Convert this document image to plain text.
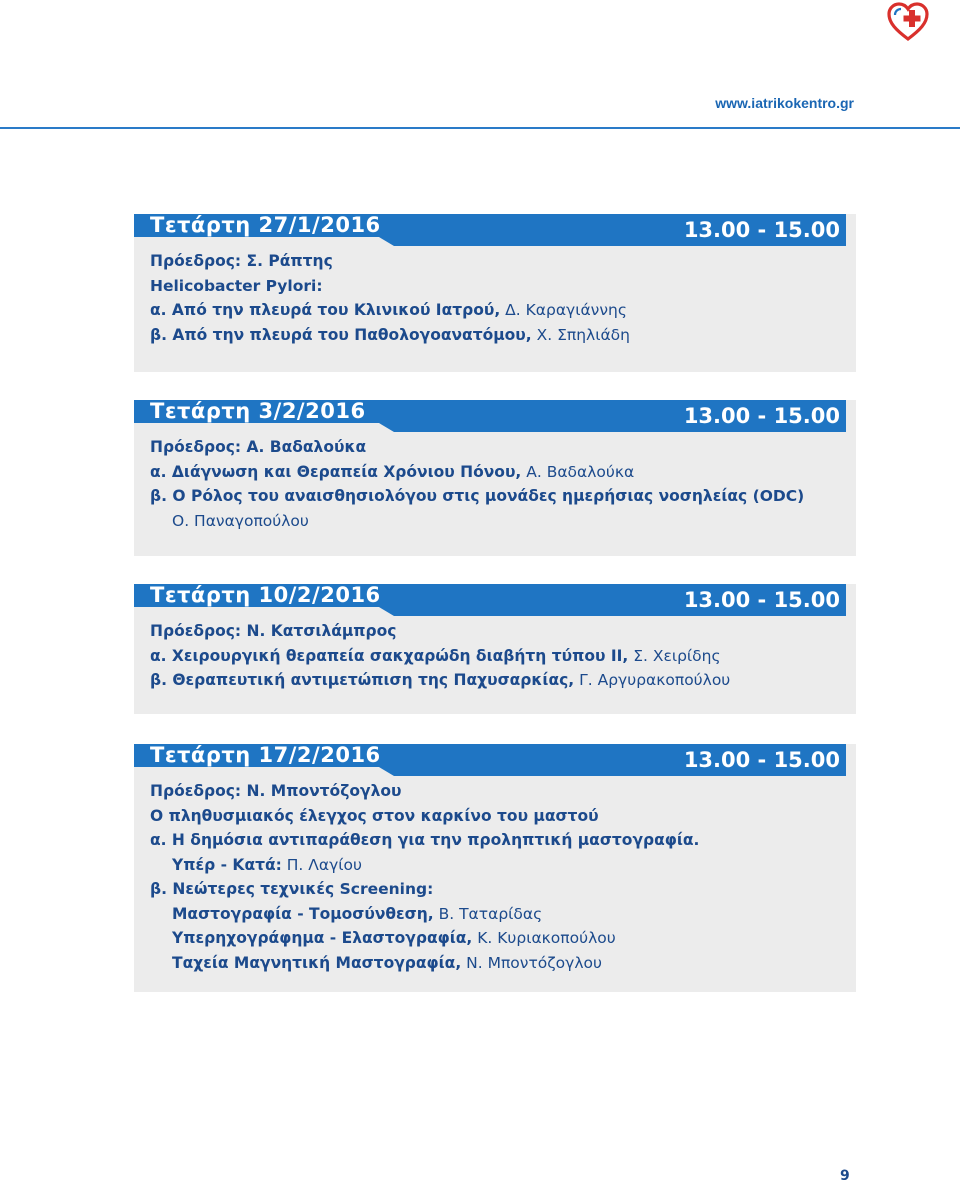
www.iatrikokentro.gr
Τετάρτη 27/1/2016	13.00 - 15.00
Πρόεδρος: Σ. Ράπτης
Helicobacter Pylori:
α. Από την πλευρά του Κλινικού Ιατρού, Δ. Καραγιάννης
β. Από την πλευρά του Παθολογοανατόμου, Χ. Σπηλιάδη
Τετάρτη 3/2/2016	13.00 - 15.00
Πρόεδρος: Α. Βαδαλούκα
α. Διάγνωση και Θεραπεία Χρόνιου Πόνου, Α. Βαδαλούκα
β. Ο Ρόλος του αναισθησιολόγου στις μονάδες ημερήσιας νοσηλείας (ODC)
Ο. Παναγοπούλου
Τετάρτη 10/2/2016	13.00 - 15.00
Πρόεδρος: Ν. Κατσιλάμπρος
α. Χειρουργική θεραπεία σακχαρώδη διαβήτη τύπου ΙΙ, Σ. Χειρίδης
β. Θεραπευτική αντιμετώπιση της Παχυσαρκίας, Γ. Αργυρακοπούλου
Τετάρτη 17/2/2016	13.00 - 15.00
Πρόεδρος: Ν. Μποντόζογλου
Ο πληθυσμιακός έλεγχος στον καρκίνο του μαστού
α. Η δημόσια αντιπαράθεση για την προληπτική μαστογραφία.
Υπέρ - Κατά: Π. Λαγίου
β. Νεώτερες τεχνικές Screening:
Μαστογραφία - Τομοσύνθεση, Β. Ταταρίδας
Υπερηχογράφημα - Ελαστογραφία, Κ. Κυριακοπούλου
Ταχεία Μαγνητική Μαστογραφία, Ν. Μποντόζογλου
9
